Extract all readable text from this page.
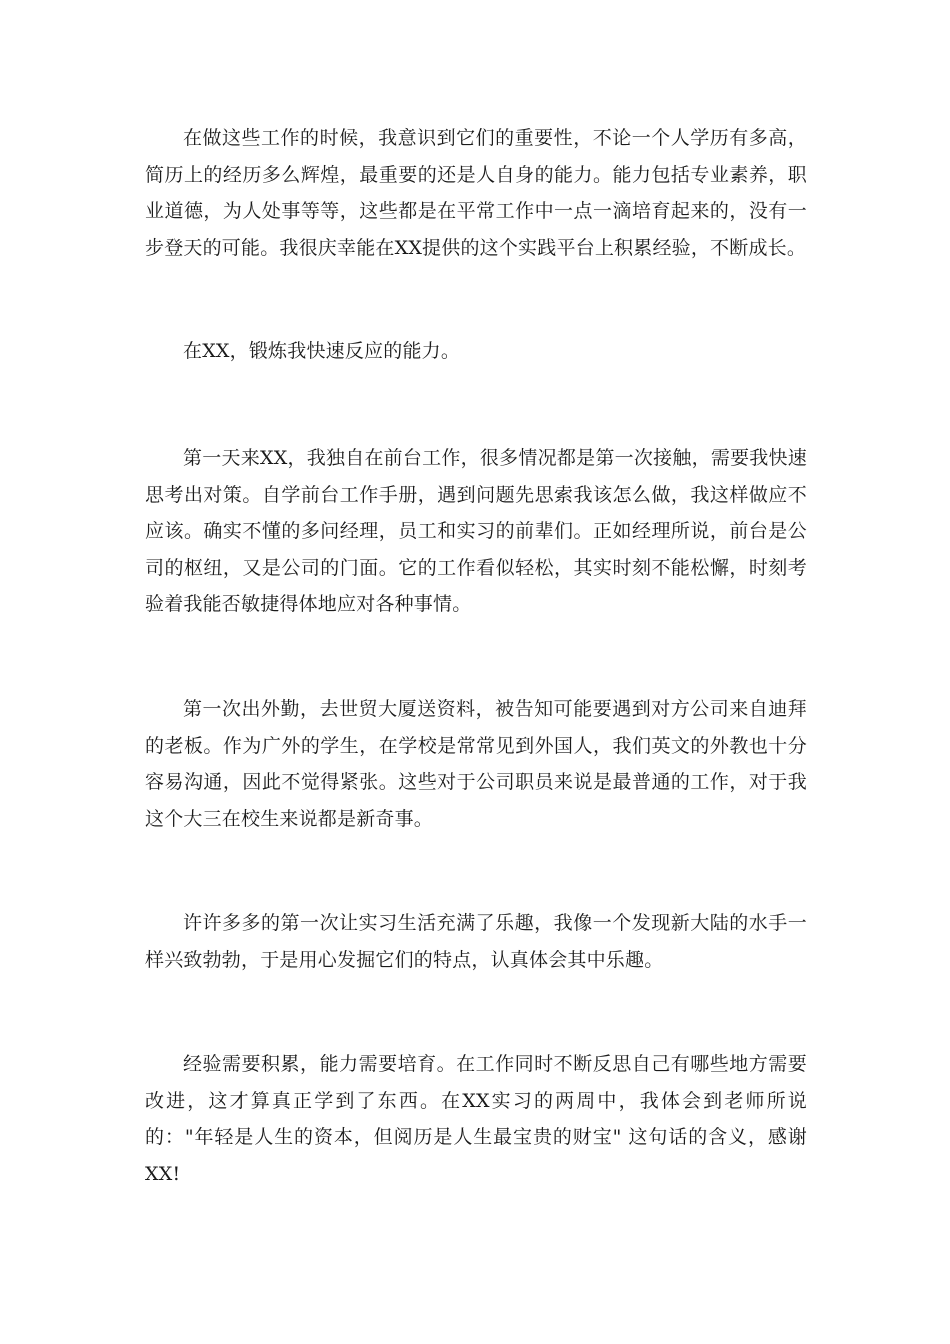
在做这些工作的时候，我意识到它们的重要性，不论一个人学历有多高，简历上的经历多么辉煌，最重要的还是人自身的能力。能力包括专业素养，职业道德，为人处事等等，这些都是在平常工作中一点一滴培育起来的，没有一步登天的可能。我很庆幸能在XX提供的这个实践平台上积累经验，不断成长。

在XX，锻炼我快速反应的能力。

第一天来XX，我独自在前台工作，很多情况都是第一次接触，需要我快速思考出对策。自学前台工作手册，遇到问题先思索我该怎么做，我这样做应不应该。确实不懂的多问经理，员工和实习的前辈们。正如经理所说，前台是公司的枢纽，又是公司的门面。它的工作看似轻松，其实时刻不能松懈，时刻考验着我能否敏捷得体地应对各种事情。

第一次出外勤，去世贸大厦送资料，被告知可能要遇到对方公司来自迪拜的老板。作为广外的学生，在学校是常常见到外国人，我们英文的外教也十分容易沟通，因此不觉得紧张。这些对于公司职员来说是最普通的工作，对于我这个大三在校生来说都是新奇事。

许许多多的第一次让实习生活充满了乐趣，我像一个发现新大陆的水手一样兴致勃勃，于是用心发掘它们的特点，认真体会其中乐趣。

经验需要积累，能力需要培育。在工作同时不断反思自己有哪些地方需要改进，这才算真正学到了东西。在XX实习的两周中，我体会到老师所说的："年轻是人生的资本，但阅历是人生最宝贵的财宝" 这句话的含义，感谢XX!
